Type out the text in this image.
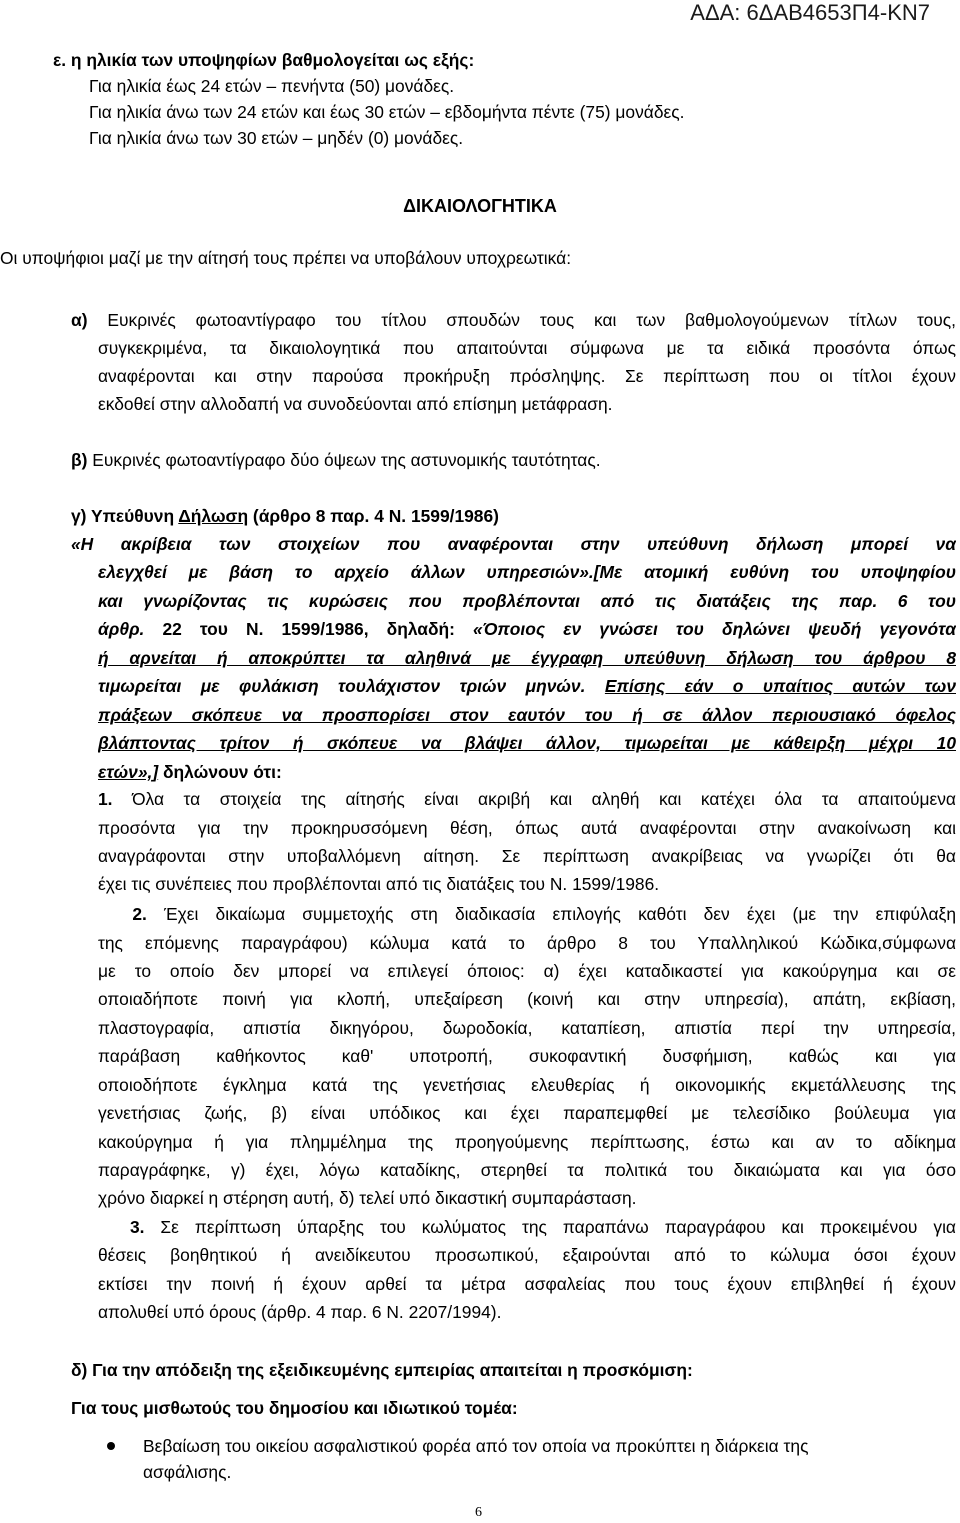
ΑΔΑ: 6ΔΑΒ4653Π4-ΚΝ7
ε. η ηλικία των υποψηφίων βαθμολογείται ως εξής:
Για ηλικία έως 24 ετών – πενήντα (50) μονάδες.
Για ηλικία άνω των 24 ετών και έως 30 ετών – εβδομήντα πέντε (75) μονάδες.
Για ηλικία άνω των 30 ετών – μηδέν (0) μονάδες.
ΔΙΚΑΙΟΛΟΓΗΤΙΚΑ
Οι υποψήφιοι μαζί με την αίτησή τους πρέπει να υποβάλουν υποχρεωτικά:
α) Ευκρινές φωτοαντίγραφο του τίτλου σπουδών τους και των βαθμολογούμενων τίτλων τους,
συγκεκριμένα, τα δικαιολογητικά που απαιτούνται σύμφωνα με τα ειδικά προσόντα όπως
αναφέρονται και στην παρούσα προκήρυξη πρόσληψης. Σε περίπτωση που οι τίτλοι έχουν
εκδοθεί στην αλλοδαπή να συνοδεύονται από επίσημη μετάφραση.
β) Ευκρινές φωτοαντίγραφο δύο όψεων της αστυνομικής ταυτότητας.
γ) Υπεύθυνη Δήλωση (άρθρο 8 παρ. 4 Ν. 1599/1986)
«Η ακρίβεια των στοιχείων που αναφέρονται στην υπεύθυνη δήλωση μπορεί να
ελεγχθεί με βάση το αρχείο άλλων υπηρεσιών».[Με ατομική ευθύνη του υποψηφίου
και γνωρίζοντας τις κυρώσεις που προβλέπονται από τις διατάξεις της παρ. 6 του
άρθρ. 22 του Ν. 1599/1986, δηλαδή: «Όποιος εν γνώσει του δηλώνει ψευδή γεγονότα
ή αρνείται ή αποκρύπτει τα αληθινά με έγγραφη υπεύθυνη δήλωση του άρθρου 8
τιμωρείται με φυλάκιση τουλάχιστον τριών μηνών. Επίσης εάν ο υπαίτιος αυτών των
πράξεων σκόπευε να προσπορίσει στον εαυτόν του ή σε άλλον περιουσιακό όφελος
βλάπτοντας τρίτον ή σκόπευε να βλάψει άλλον, τιμωρείται με κάθειρξη μέχρι 10
ετών»,] δηλώνουν ότι:
1. Όλα τα στοιχεία της αίτησής είναι ακριβή και αληθή και κατέχει όλα τα απαιτούμενα
προσόντα για την προκηρυσσόμενη θέση, όπως αυτά αναφέρονται στην ανακοίνωση και
αναγράφονται στην υποβαλλόμενη αίτηση. Σε περίπτωση ανακρίβειας να γνωρίζει ότι θα
έχει τις συνέπειες που προβλέπονται από τις διατάξεις του Ν. 1599/1986.
2. Έχει δικαίωμα συμμετοχής στη διαδικασία επιλογής καθότι δεν έχει (με την επιφύλαξη
της επόμενης παραγράφου) κώλυμα κατά το άρθρο 8 του Υπαλληλικού Κώδικα,σύμφωνα
με το οποίο δεν μπορεί να επιλεγεί όποιος: α) έχει καταδικαστεί για κακούργημα και σε
οποιαδήποτε ποινή για κλοπή, υπεξαίρεση (κοινή και στην υπηρεσία), απάτη, εκβίαση,
πλαστογραφία, απιστία δικηγόρου, δωροδοκία, καταπίεση, απιστία περί την υπηρεσία,
παράβαση καθήκοντος καθ' υποτροπή, συκοφαντική δυσφήμιση, καθώς και για
οποιοδήποτε έγκλημα κατά της γενετήσιας ελευθερίας ή οικονομικής εκμετάλλευσης της
γενετήσιας ζωής, β) είναι υπόδικος και έχει παραπεμφθεί με τελεσίδικο βούλευμα για
κακούργημα ή για πλημμέλημα της προηγούμενης περίπτωσης, έστω και αν το αδίκημα
παραγράφηκε, γ) έχει, λόγω καταδίκης, στερηθεί τα πολιτικά του δικαιώματα και για όσο
χρόνο διαρκεί η στέρηση αυτή, δ) τελεί υπό δικαστική συμπαράσταση.
3. Σε περίπτωση ύπαρξης του κωλύματος της παραπάνω παραγράφου και προκειμένου για
θέσεις βοηθητικού ή ανειδίκευτου προσωπικού, εξαιρούνται από το κώλυμα όσοι έχουν
εκτίσει την ποινή ή έχουν αρθεί τα μέτρα ασφαλείας που τους έχουν επιβληθεί ή έχουν
απολυθεί υπό όρους (άρθρ. 4 παρ. 6 Ν. 2207/1994).
δ) Για την απόδειξη της εξειδικευμένης εμπειρίας απαιτείται η προσκόμιση:
Για τους μισθωτούς του δημοσίου και ιδιωτικού τομέα:
Βεβαίωση του οικείου ασφαλιστικού φορέα από τον οποία να προκύπτει η διάρκεια της
ασφάλισης.
6
